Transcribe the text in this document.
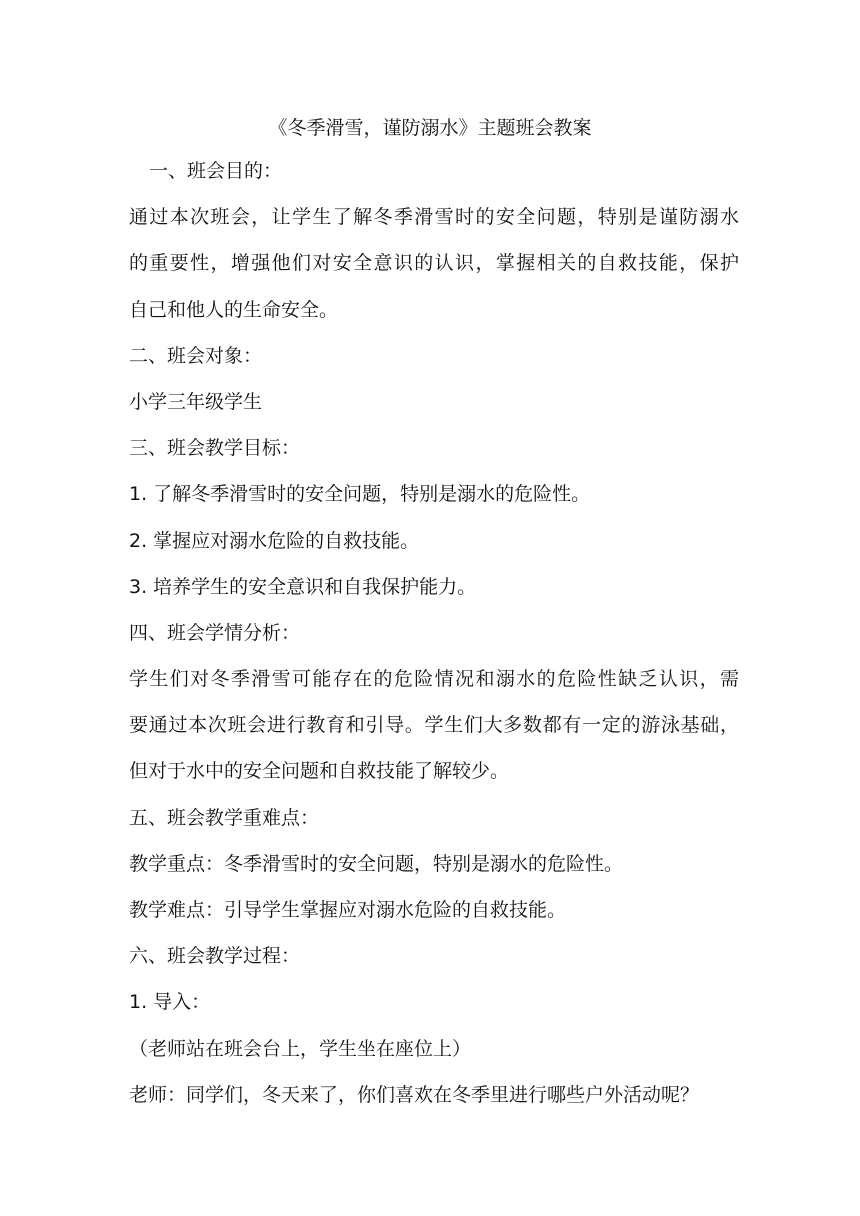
《冬季滑雪，谨防溺水》主题班会教案
一、班会目的：
通过本次班会，让学生了解冬季滑雪时的安全问题，特别是谨防溺水
的重要性，增强他们对安全意识的认识，掌握相关的自救技能，保护
自己和他人的生命安全。
二、班会对象：
小学三年级学生
三、班会教学目标：
1. 了解冬季滑雪时的安全问题，特别是溺水的危险性。
2. 掌握应对溺水危险的自救技能。
3. 培养学生的安全意识和自我保护能力。
四、班会学情分析：
学生们对冬季滑雪可能存在的危险情况和溺水的危险性缺乏认识，需
要通过本次班会进行教育和引导。学生们大多数都有一定的游泳基础，
但对于水中的安全问题和自救技能了解较少。
五、班会教学重难点：
教学重点：冬季滑雪时的安全问题，特别是溺水的危险性。
教学难点：引导学生掌握应对溺水危险的自救技能。
六、班会教学过程：
1. 导入：
（老师站在班会台上，学生坐在座位上）
老师：同学们，冬天来了，你们喜欢在冬季里进行哪些户外活动呢？
